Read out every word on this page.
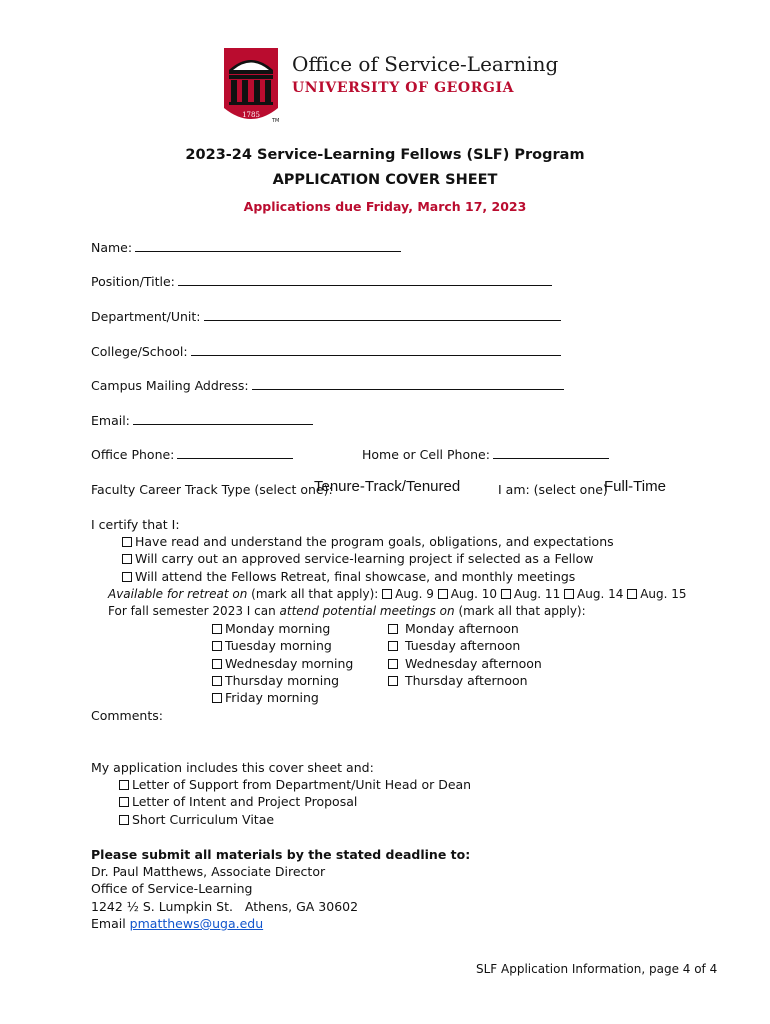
1785
TM
Office of Service-Learning
UNIVERSITY OF GEORGIA
2023-24 Service-Learning Fellows (SLF) Program
APPLICATION COVER SHEET
Applications due Friday, March 17, 2023
Name:
Position/Title:
Department/Unit:
College/School:
Campus Mailing Address:
Email:
Office Phone:	Home or Cell Phone:
Faculty Career Track Type (select one):
Tenure-Track/Tenured	I am: (select one)
Full-Time
I certify that I:
Have read and understand the program goals, obligations, and expectations
Will carry out an approved service-learning project if selected as a Fellow
Will attend the Fellows Retreat, final showcase, and monthly meetings
Available for retreat on (mark all that apply): Aug. 9 Aug. 10 Aug. 11 Aug. 14 Aug. 15
For fall semester 2023 I can attend potential meetings on (mark all that apply):
Monday morning
Tuesday morning
Wednesday morning
Thursday morning
Friday morning
Monday afternoon
Tuesday afternoon
Wednesday afternoon
Thursday afternoon
Comments:
My application includes this cover sheet and:
Letter of Support from Department/Unit Head or Dean
Letter of Intent and Project Proposal
Short Curriculum Vitae
Please submit all materials by the stated deadline to:
Dr. Paul Matthews, Associate Director
Office of Service-Learning
1242 ½ S. Lumpkin St.   Athens, GA 30602
Email pmatthews@uga.edu
SLF Application Information, page 4 of 4
